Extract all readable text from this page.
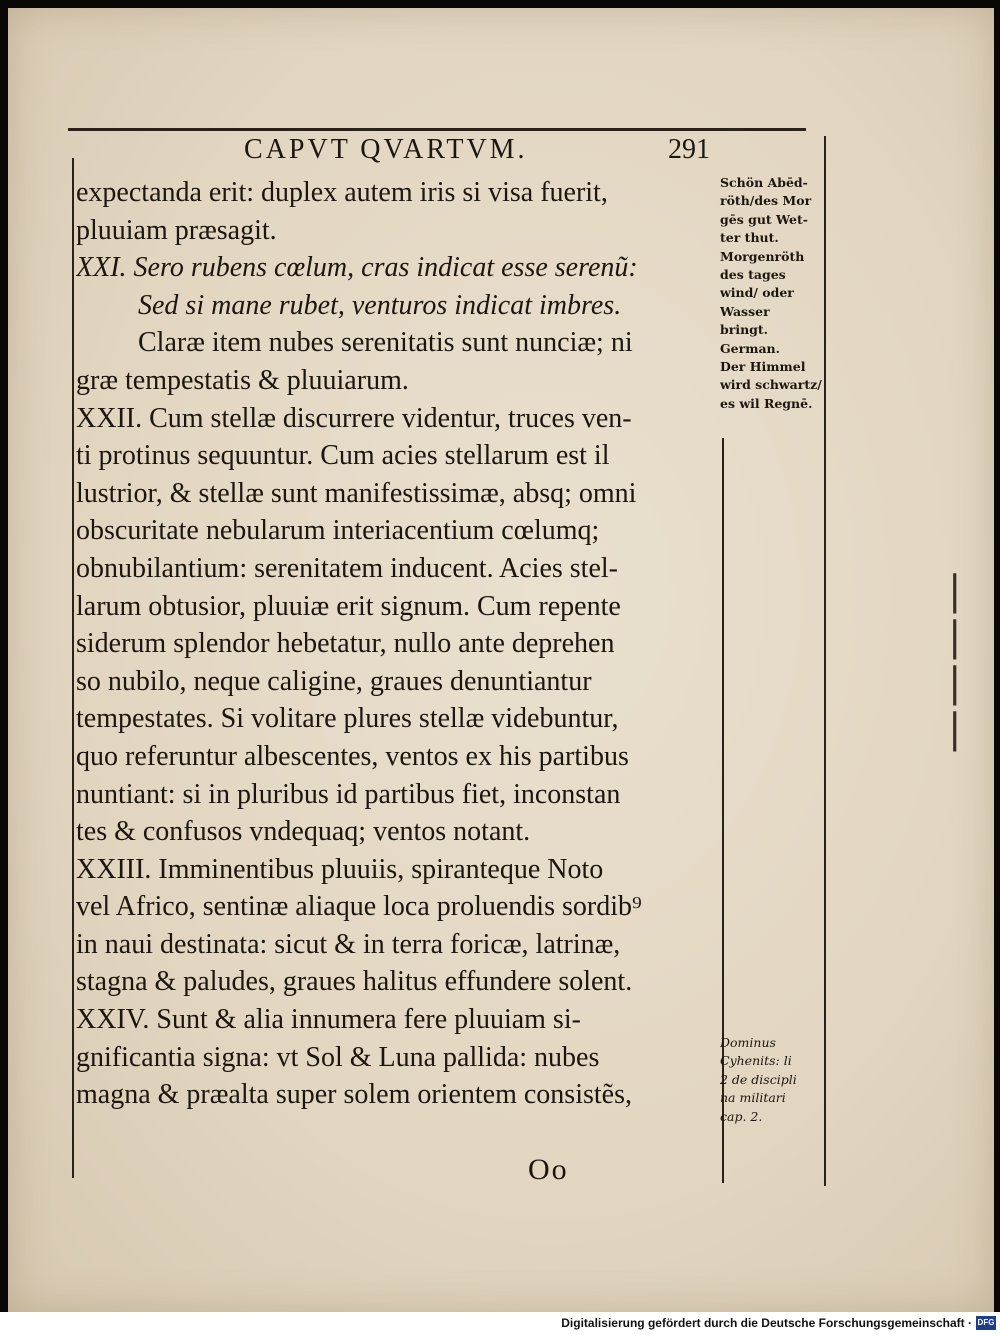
CAPVT QVARTVM.	291
expectanda erit: duplex autem iris si visa fuerit,
pluuiam præsagit.
XXI. Sero rubens cœlum, cras indicat esse serenũ:
Sed si mane rubet, venturos indicat imbres.
Claræ item nubes serenitatis sunt nunciæ; ni
græ tempestatis & pluuiarum.
XXII. Cum stellæ discurrere videntur, truces ven-
ti protinus sequuntur. Cum acies stellarum est il
lustrior, & stellæ sunt manifestissimæ, absq; omni
obscuritate nebularum interiacentium cœlumq;
obnubilantium: serenitatem inducent. Acies stel-
larum obtusior, pluuiæ erit signum. Cum repente
siderum splendor hebetatur, nullo ante deprehen
so nubilo, neque caligine, graues denuntiantur
tempestates. Si volitare plures stellæ videbuntur,
quo referuntur albescentes, ventos ex his partibus
nuntiant: si in pluribus id partibus fiet, inconstan
tes & confusos vndequaq; ventos notant.
XXIII. Imminentibus pluuiis, spiranteque Noto
vel Africo, sentinæ aliaque loca proluendis sordib⁹
in naui destinata: sicut & in terra foricæ, latrinæ,
stagna & paludes, graues halitus effundere solent.
XXIV. Sunt & alia innumera fere pluuiam si-
gnificantia signa: vt Sol & Luna pallida: nubes
magna & præalta super solem orientem consistẽs,
Schön Abēd-
röth/des Mor
gēs gut Wet-
ter thut.
Morgenröth
des tages
wind/ oder
Wasser
bringt.
German.
Der Himmel
wird schwartz/
es wil Regnē.
Dominus
Cyhenits: li
2 de discipli
na militari
cap. 2.
Oo
| | | |
Digitalisierung gefördert durch die Deutsche Forschungsgemeinschaft · DFG
